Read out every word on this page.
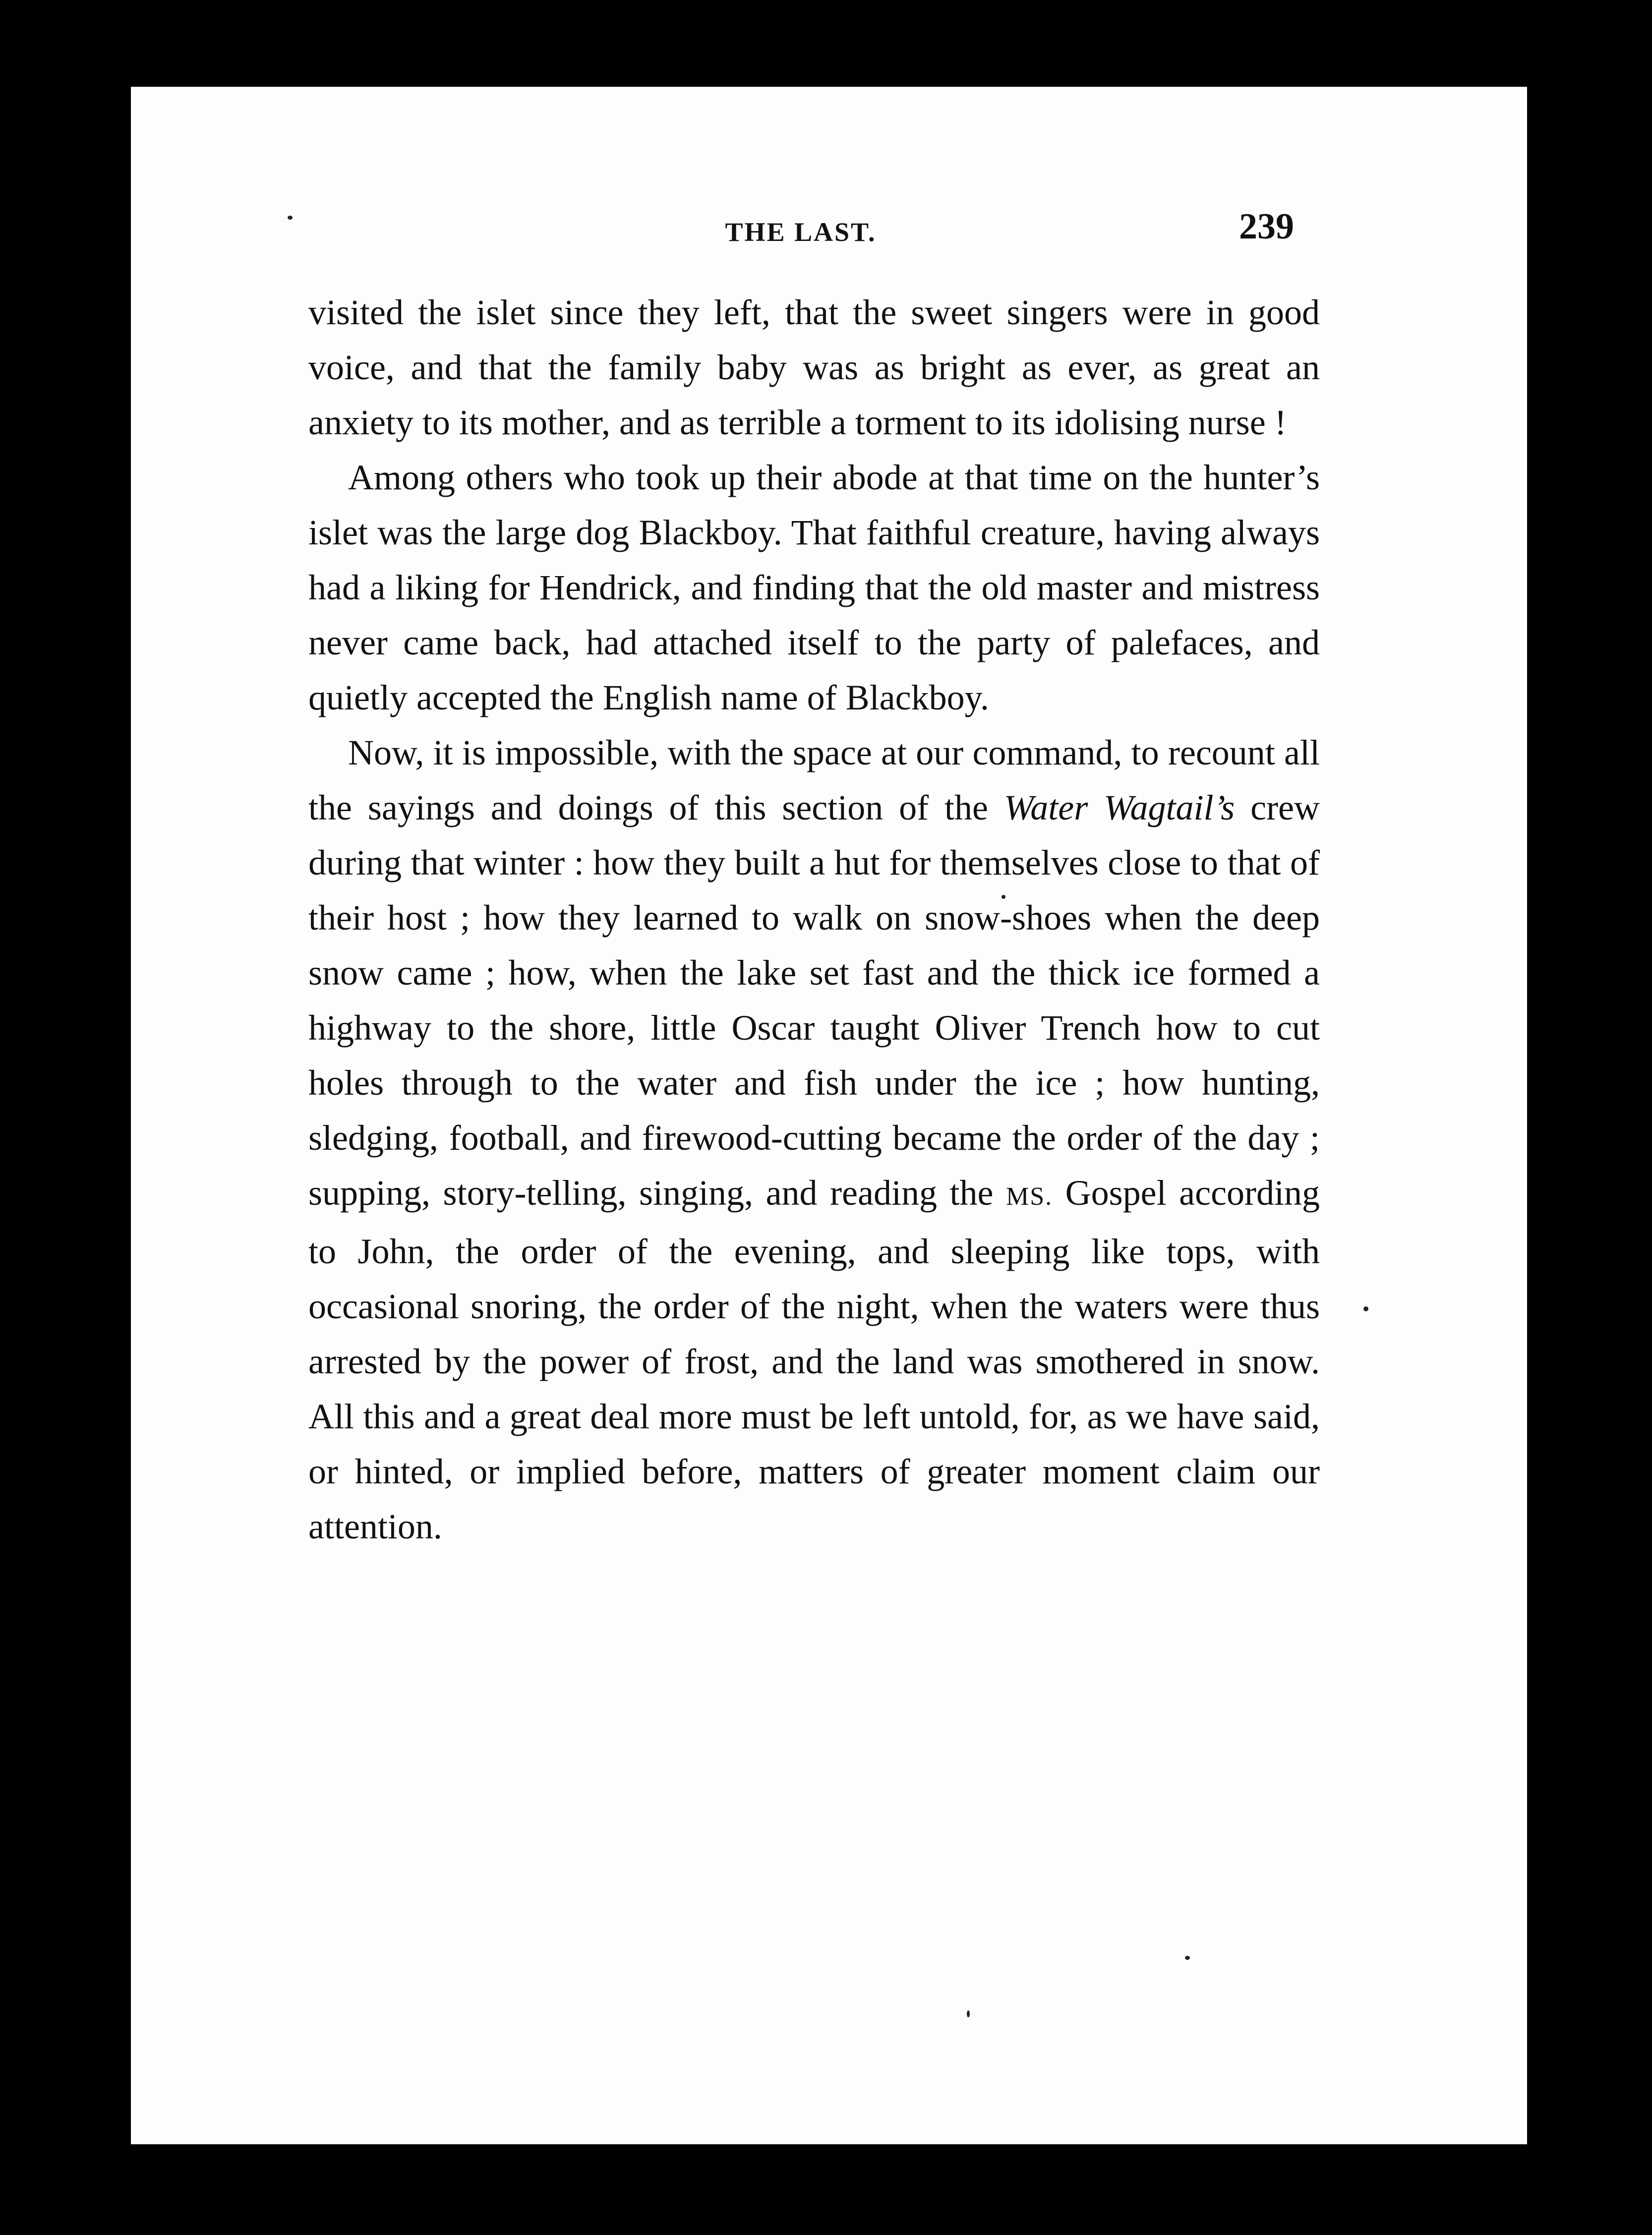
THE LAST.	239

visited the islet since they left, that the sweet singers were in good voice, and that the family baby was as bright as ever, as great an anxiety to its mother, and as terrible a torment to its idolising nurse !

Among others who took up their abode at that time on the hunter’s islet was the large dog Blackboy. That faithful creature, having always had a liking for Hendrick, and finding that the old master and mistress never came back, had attached itself to the party of palefaces, and quietly accepted the English name of Blackboy.

Now, it is impossible, with the space at our command, to recount all the sayings and doings of this section of the Water Wagtail’s crew during that winter : how they built a hut for themselves close to that of their host ; how they learned to walk on snow-shoes when the deep snow came ; how, when the lake set fast and the thick ice formed a highway to the shore, little Oscar taught Oliver Trench how to cut holes through to the water and fish under the ice ; how hunting, sledging, football, and firewood-cutting became the order of the day ; supping, story-telling, singing, and reading the MS. Gospel according to John, the order of the evening, and sleeping like tops, with occasional snoring, the order of the night, when the waters were thus arrested by the power of frost, and the land was smothered in snow. All this and a great deal more must be left untold, for, as we have said, or hinted, or implied before, matters of greater moment claim our attention.
